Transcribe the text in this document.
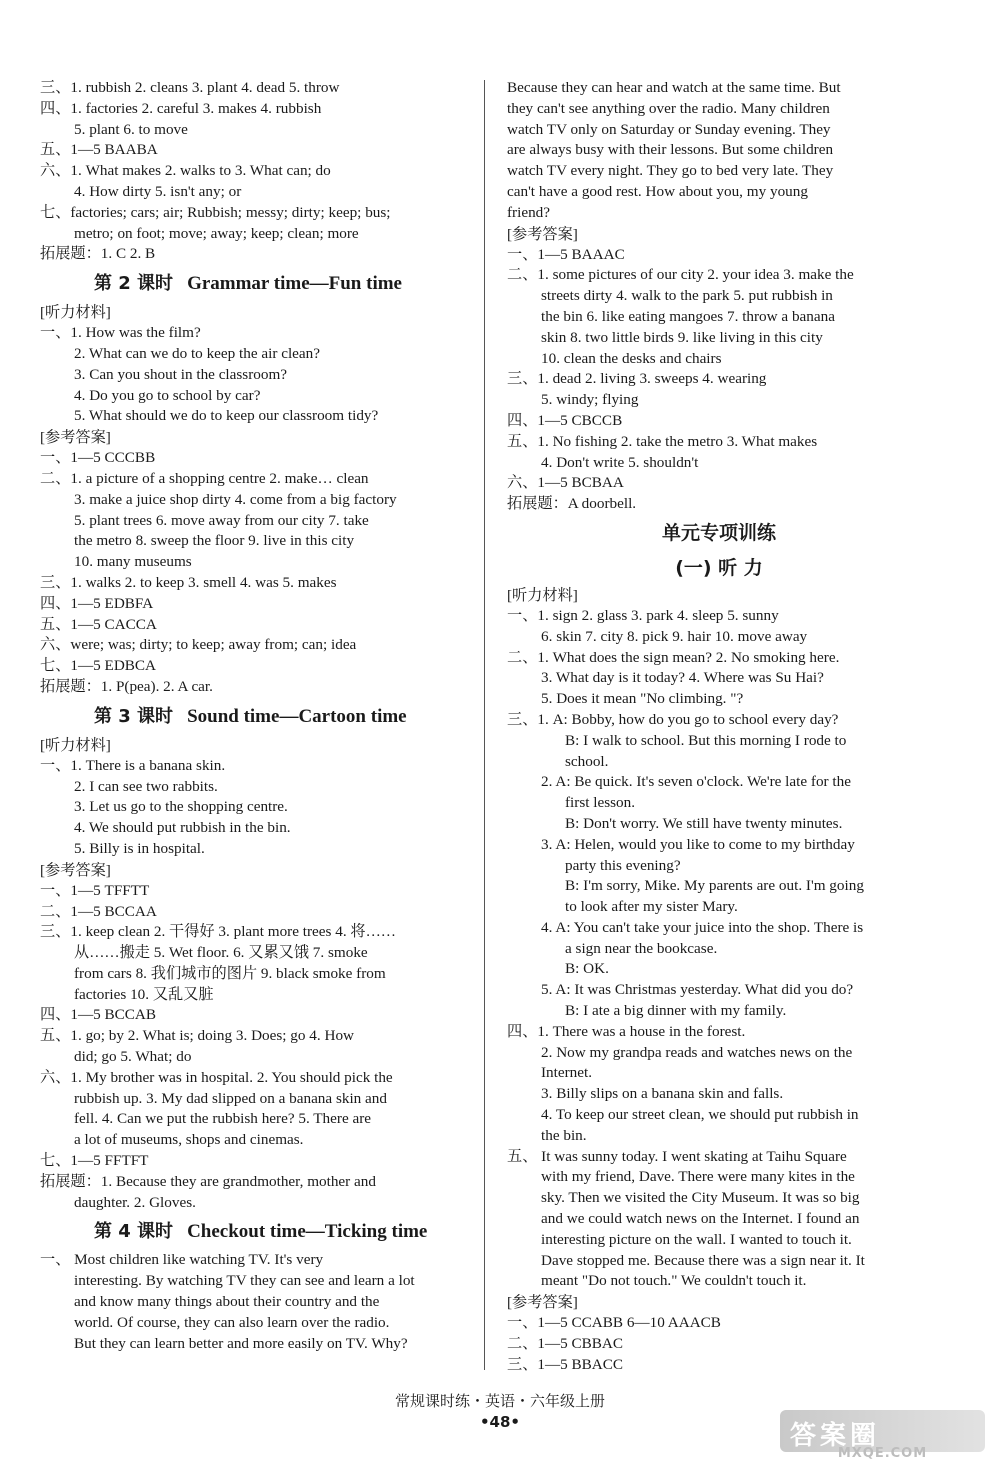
三、1. rubbish 2. cleans 3. plant 4. dead 5. throw
四、1. factories 2. careful 3. makes 4. rubbish
5. plant 6. to move
五、1—5 BAABA
六、1. What makes 2. walks to 3. What can; do
4. How dirty 5. isn't any; or
七、factories; cars; air; Rubbish; messy; dirty; keep; bus;
metro; on foot; move; away; keep; clean; more
拓展题：1. C 2. B
第 2 课时 Grammar time—Fun time
[听力材料]
一、1. How was the film?
2. What can we do to keep the air clean?
3. Can you shout in the classroom?
4. Do you go to school by car?
5. What should we do to keep our classroom tidy?
[参考答案]
一、1—5 CCCBB
二、1. a picture of a shopping centre 2. make… clean
3. make a juice shop dirty 4. come from a big factory
5. plant trees 6. move away from our city 7. take
the metro 8. sweep the floor 9. live in this city
10. many museums
三、1. walks 2. to keep 3. smell 4. was 5. makes
四、1—5 EDBFA
五、1—5 CACCA
六、were; was; dirty; to keep; away from; can; idea
七、1—5 EDBCA
拓展题：1. P(pea). 2. A car.
第 3 课时 Sound time—Cartoon time
[听力材料]
一、1. There is a banana skin.
2. I can see two rabbits.
3. Let us go to the shopping centre.
4. We should put rubbish in the bin.
5. Billy is in hospital.
[参考答案]
一、1—5 TFFTT
二、1—5 BCCAA
三、1. keep clean 2. 干得好 3. plant more trees 4. 将……
从……搬走 5. Wet floor. 6. 又累又饿 7. smoke
from cars 8. 我们城市的图片 9. black smoke from
factories 10. 又乱又脏
四、1—5 BCCAB
五、1. go; by 2. What is; doing 3. Does; go 4. How
did; go 5. What; do
六、1. My brother was in hospital. 2. You should pick the
rubbish up. 3. My dad slipped on a banana skin and
fell. 4. Can we put the rubbish here? 5. There are
a lot of museums, shops and cinemas.
七、1—5 FFTFT
拓展题：1. Because they are grandmother, mother and
daughter. 2. Gloves.
第 4 课时 Checkout time—Ticking time
一、 Most children like watching TV. It's very
interesting. By watching TV they can see and learn a lot
and know many things about their country and the
world. Of course, they can also learn over the radio.
But they can learn better and more easily on TV. Why?
Because they can hear and watch at the same time. But
they can't see anything over the radio. Many children
watch TV only on Saturday or Sunday evening. They
are always busy with their lessons. But some children
watch TV every night. They go to bed very late. They
can't have a good rest. How about you, my young
friend?
[参考答案]
一、1—5 BAAAC
二、1. some pictures of our city 2. your idea 3. make the
streets dirty 4. walk to the park 5. put rubbish in
the bin 6. like eating mangoes 7. throw a banana
skin 8. two little birds 9. like living in this city
10. clean the desks and chairs
三、1. dead 2. living 3. sweeps 4. wearing
5. windy; flying
四、1—5 CBCCB
五、1. No fishing 2. take the metro 3. What makes
4. Don't write 5. shouldn't
六、1—5 BCBAA
拓展题：A doorbell.
单元专项训练
(一) 听 力
[听力材料]
一、1. sign 2. glass 3. park 4. sleep 5. sunny
6. skin 7. city 8. pick 9. hair 10. move away
二、1. What does the sign mean? 2. No smoking here.
3. What day is it today? 4. Where was Su Hai?
5. Does it mean "No climbing. "?
三、1. A: Bobby, how do you go to school every day?
B: I walk to school. But this morning I rode to
school.
2. A: Be quick. It's seven o'clock. We're late for the
first lesson.
B: Don't worry. We still have twenty minutes.
3. A: Helen, would you like to come to my birthday
party this evening?
B: I'm sorry, Mike. My parents are out. I'm going
to look after my sister Mary.
4. A: You can't take your juice into the shop. There is
a sign near the bookcase.
B: OK.
5. A: It was Christmas yesterday. What did you do?
B: I ate a big dinner with my family.
四、1. There was a house in the forest.
2. Now my grandpa reads and watches news on the
Internet.
3. Billy slips on a banana skin and falls.
4. To keep our street clean, we should put rubbish in
the bin.
五、 It was sunny today. I went skating at Taihu Square
with my friend, Dave. There were many kites in the
sky. Then we visited the City Museum. It was so big
and we could watch news on the Internet. I found an
interesting picture on the wall. I wanted to touch it.
Dave stopped me. Because there was a sign near it. It
meant "Do not touch." We couldn't touch it.
[参考答案]
一、1—5 CCABB 6—10 AAACB
二、1—5 CBBAC
三、1—5 BBACC
常规课时练・英语・六年级上册
•48•	答案圈
MXQE.COM
